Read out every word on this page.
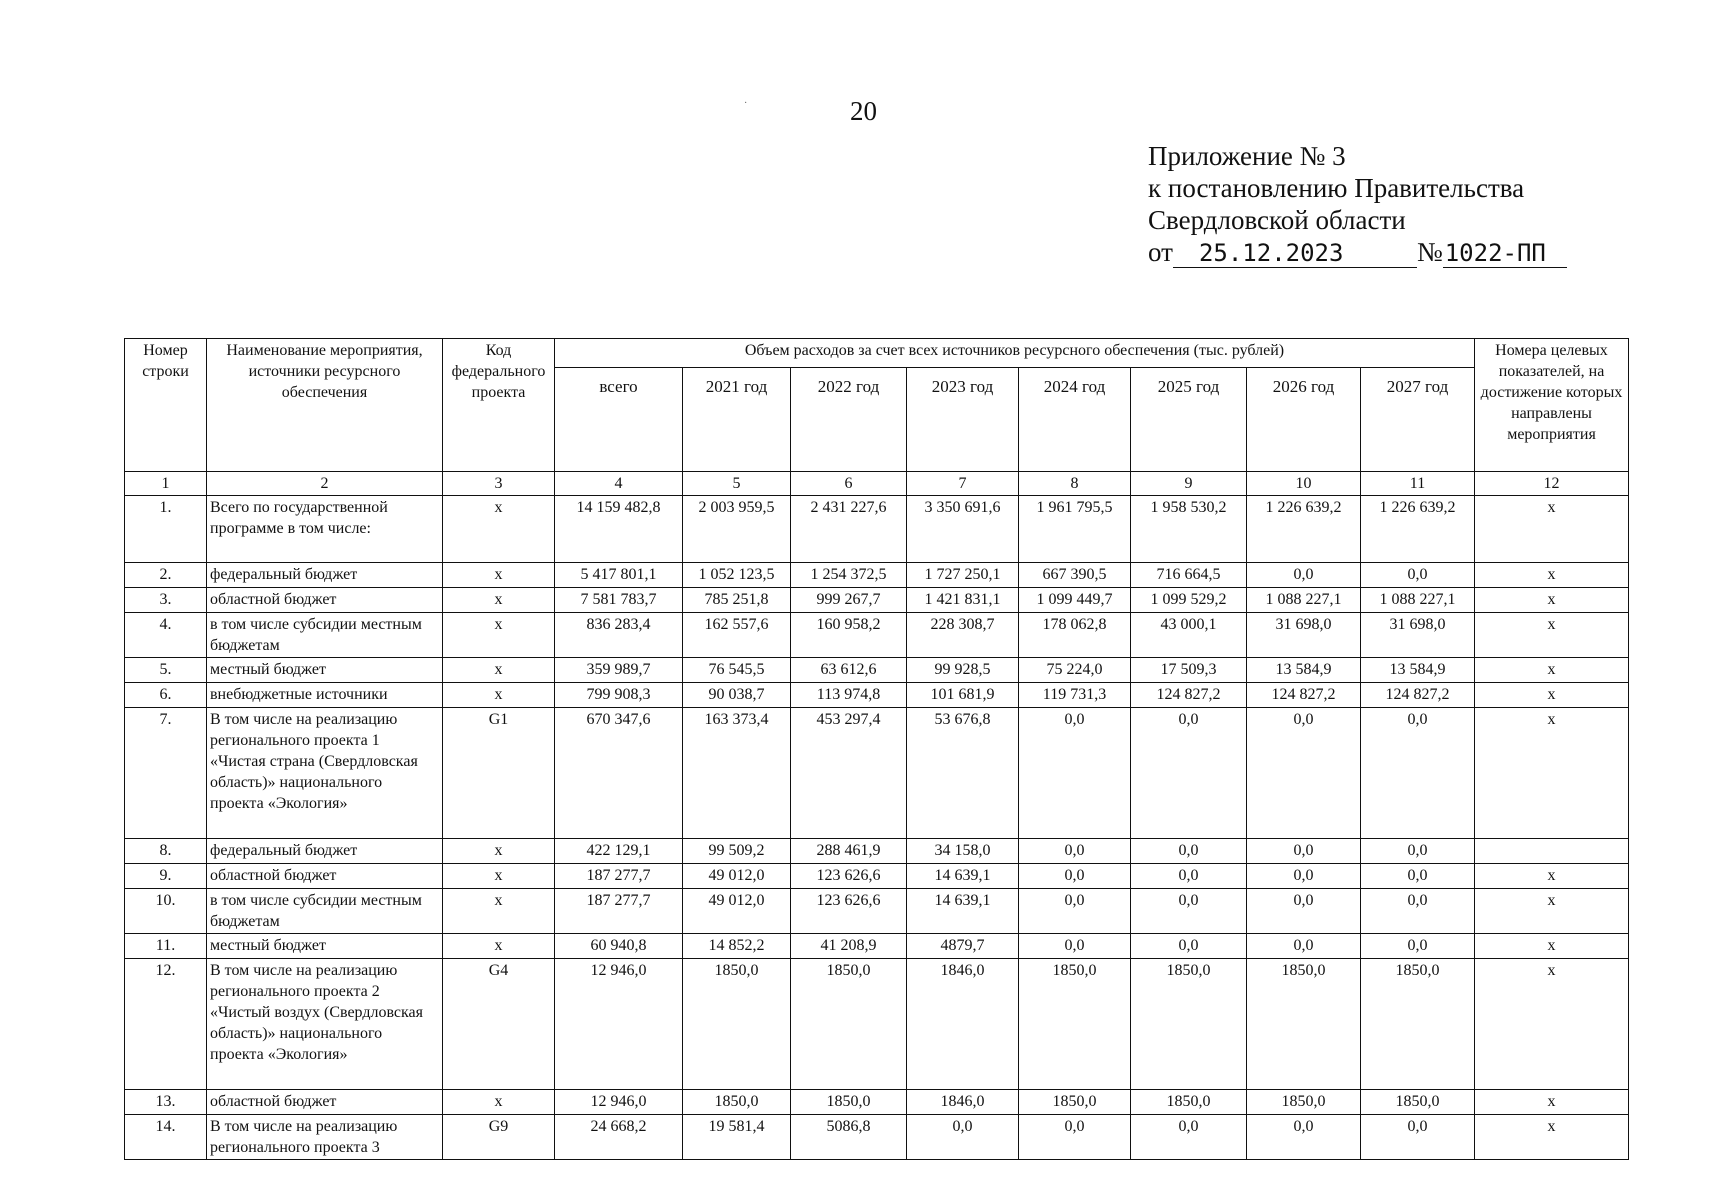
20
·
Приложение № 3
к постановлению Правительства
Свердловской области
от	25.12.2023	№ 1022-ПП
Номер строки	Наименование мероприятия, источники ресурсного обеспечения	Код федерального проекта	Объем расходов за счет всех источников ресурсного обеспечения (тыс. рублей)								Номера целевых показателей, на достижение которых направлены мероприятия
			всего	2021 год	2022 год	2023 год	2024 год	2025 год	2026 год	2027 год	
1	2	3	4	5	6	7	8	9	10	11	12
1.	Всего по государственной программе в том числе:	х	14 159 482,8	2 003 959,5	2 431 227,6	3 350 691,6	1 961 795,5	1 958 530,2	1 226 639,2	1 226 639,2	х
2.	федеральный бюджет	х	5 417 801,1	1 052 123,5	1 254 372,5	1 727 250,1	667 390,5	716 664,5	0,0	0,0	х
3.	областной бюджет	х	7 581 783,7	785 251,8	999 267,7	1 421 831,1	1 099 449,7	1 099 529,2	1 088 227,1	1 088 227,1	х
4.	в том числе субсидии местным бюджетам	х	836 283,4	162 557,6	160 958,2	228 308,7	178 062,8	43 000,1	31 698,0	31 698,0	х
5.	местный бюджет	х	359 989,7	76 545,5	63 612,6	99 928,5	75 224,0	17 509,3	13 584,9	13 584,9	х
6.	внебюджетные источники	х	799 908,3	90 038,7	113 974,8	101 681,9	119 731,3	124 827,2	124 827,2	124 827,2	х
7.	В том числе на реализацию регионального проекта 1 «Чистая страна (Свердловская область)» национального проекта «Экология»	G1	670 347,6	163 373,4	453 297,4	53 676,8	0,0	0,0	0,0	0,0	х
8.	федеральный бюджет	х	422 129,1	99 509,2	288 461,9	34 158,0	0,0	0,0	0,0	0,0	
9.	областной бюджет	х	187 277,7	49 012,0	123 626,6	14 639,1	0,0	0,0	0,0	0,0	х
10.	в том числе субсидии местным бюджетам	х	187 277,7	49 012,0	123 626,6	14 639,1	0,0	0,0	0,0	0,0	х
11.	местный бюджет	х	60 940,8	14 852,2	41 208,9	4879,7	0,0	0,0	0,0	0,0	х
12.	В том числе на реализацию регионального проекта 2 «Чистый воздух (Свердловская область)» национального проекта «Экология»	G4	12 946,0	1850,0	1850,0	1846,0	1850,0	1850,0	1850,0	1850,0	х
13.	областной бюджет	х	12 946,0	1850,0	1850,0	1846,0	1850,0	1850,0	1850,0	1850,0	х
14.	В том числе на реализацию регионального проекта 3	G9	24 668,2	19 581,4	5086,8	0,0	0,0	0,0	0,0	0,0	х
